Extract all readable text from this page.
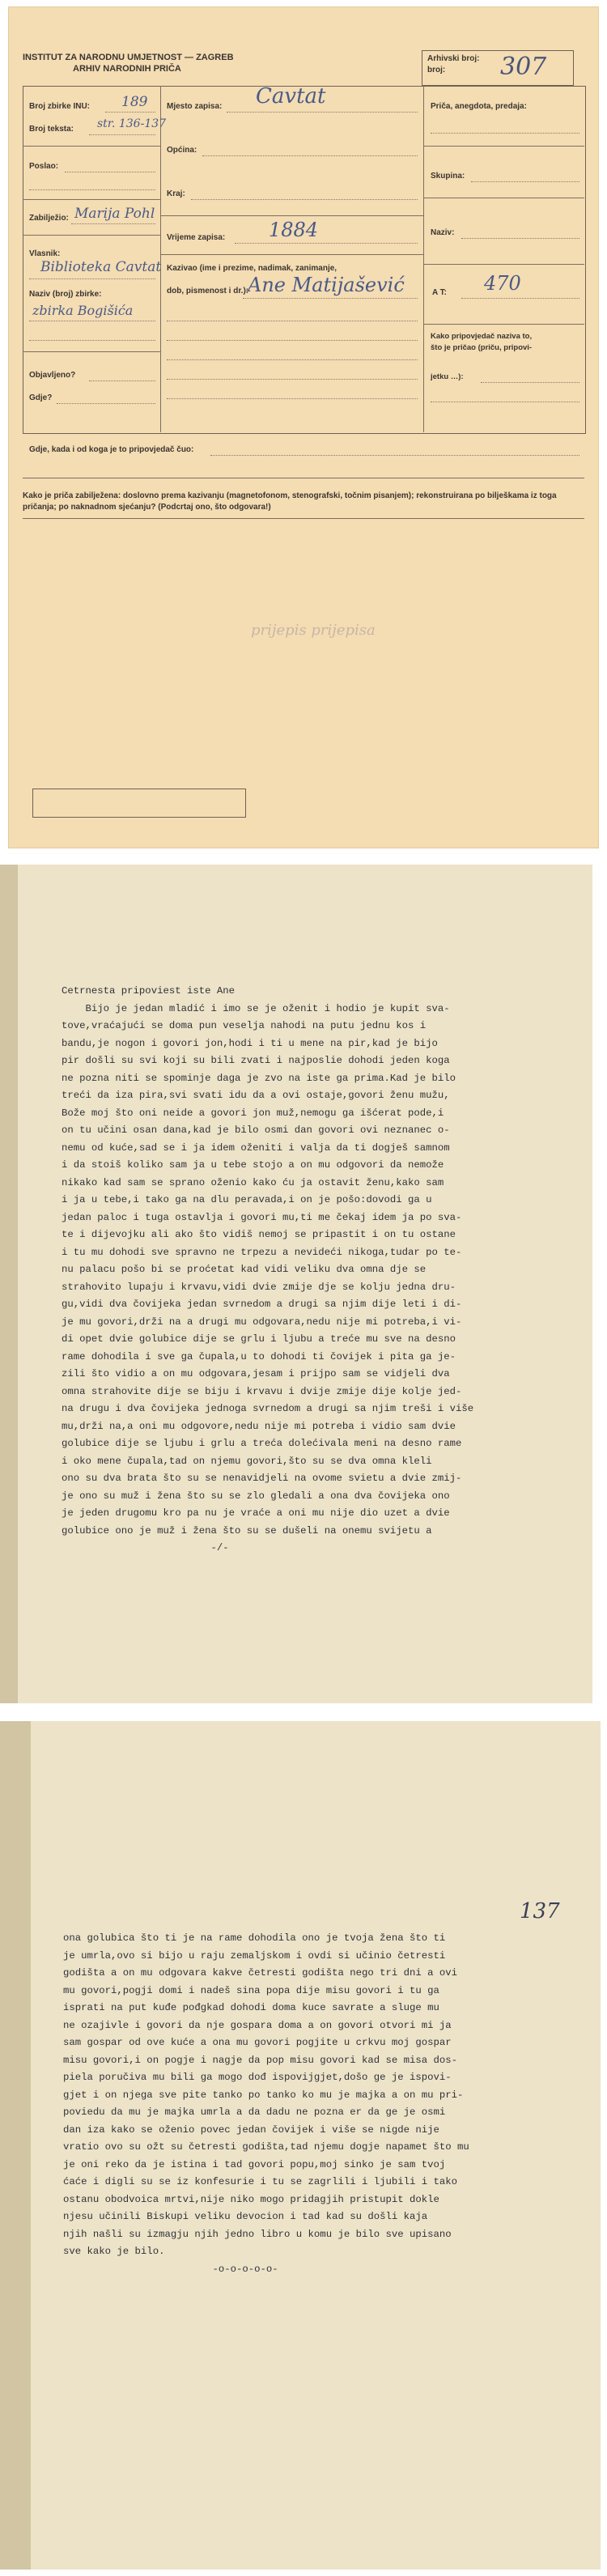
INSTITUT ZA NARODNU UMJETNOST — ZAGREB
ARHIV NARODNIH PRIČA
Arhivski broj:
broj: 307
Broj zbirke INU: 189
Broj teksta: str. 136-137
Poslao:
Zabilježio: Marija Pohl
Vlasnik:
Biblioteka Cavtat
Naziv (broj) zbirke:
zbirka Bogišića
Objavljeno?
Gdje?
Mjesto zapisa: Cavtat
Općina:
Kraj:
Vrijeme zapisa: 1884
Kazivao (ime i prezime, nadimak, zanimanje,
dob, pismenost i dr.):
Ane Matijašević
Priča, anegdota, predaja:
Skupina:
Naziv:
A T: 470
Kako pripovjedač naziva to,
što je pričao (priču, pripovi-
jetku …):
Gdje, kada i od koga je to pripovjedač čuo:
Kako je priča zabilježena: doslovno prema kazivanju (magnetofonom, stenografski, točnim pisanjem); rekonstruirana po bilješkama iz toga pričanja; po naknadnom sjećanju? (Podcrtaj ono, što odgovara!)
prijepis prijepisa
Cetrnesta pripoviest iste Ane
Bijo je jedan mladić i imo se je oženit i hodio je kupit sva-
tove,vraćajući se doma pun veselja nahodi na putu jednu kos i
bandu,je nogon i govori jon,hodi i ti u mene na pir,kad je bijo
pir došli su svi koji su bili zvati i najposlie dohodi jeden koga
ne pozna niti se spominje daga je zvo na iste ga prima.Kad je bilo
treći da iza pira,svi svati idu da a ovi ostaje,govori ženu mužu,
Bože moj što oni neide a govori jon muž,nemogu ga išćerat pode,i
on tu učini osan dana,kad je bilo osmi dan govori ovi neznanec o-
nemu od kuće,sad se i ja idem oženiti i valja da ti dogješ samnom
i da stoiš koliko sam ja u tebe stojo a on mu odgovori da nemože
nikako kad sam se sprano oženio kako ću ja ostavit ženu,kako sam
i ja u tebe,i tako ga na dlu peravada,i on je pošo:dovodi ga u
jedan paloc i tuga ostavlja i govori mu,ti me čekaj idem ja po sva-
te i dijevojku ali ako što vidiš nemoj se pripastit i on tu ostane
i tu mu dohodi sve spravno ne trpezu a nevideći nikoga,tudar po te-
nu palacu pošo bi se proćetat kad vidi veliku dva omna dje se
strahovito lupaju i krvavu,vidi dvie zmije dje se kolju jedna dru-
gu,vidi dva čovijeka jedan svrnedom a drugi sa njim dije leti i di-
je mu govori,drži na a drugi mu odgovara,nedu nije mi potreba,i vi-
di opet dvie golubice dije se grlu i ljubu a treće mu sve na desno
rame dohodila i sve ga čupala,u to dohodi ti čovijek i pita ga je-
zili što vidio a on mu odgovara,jesam i prijpo sam se vidjeli dva
omna strahovite dije se biju i krvavu i dvije zmije dije kolje jed-
na drugu i dva čovijeka jednoga svrnedom a drugi sa njim treši i više
mu,drži na,a oni mu odgovore,nedu nije mi potreba i vidio sam dvie
golubice dije se ljubu i grlu a treća dolećivala meni na desno rame
i oko mene čupala,tad on njemu govori,što su se dva omna kleli
ono su dva brata što su se nenavidjeli na ovome svietu a dvie zmij-
je ono su muž i žena što su se zlo gledali a ona dva čovijeka ono
je jeden drugomu kro pa nu je vraće a oni mu nije dio uzet a dvie
golubice ono je muž i žena što su se dušeli na onemu svijetu a
-/-
137
ona golubica što ti je na rame dohodila ono je tvoja žena što ti
je umrla,ovo si bijo u raju zemaljskom i ovdi si učinio četresti
godišta a on mu odgovara kakve četresti godišta nego tri dni a ovi
mu govori,pogji domi i nadeš sina popa dije misu govori i tu ga
isprati na put kuđe pođgkad dohodi doma kuce savrate a sluge mu
ne ozajivle i govori da nje gospara doma a on govori otvori mi ja
sam gospar od ove kuće a ona mu govori pogjite u crkvu moj gospar
misu govori,i on pogje i nagje da pop misu govori kad se misa dos-
piela poručiva mu bili ga mogo dođ ispovijgjet,došo ge je ispovi-
gjet i on njega sve pite tanko po tanko ko mu je majka a on mu pri-
poviedu da mu je majka umrla a da dadu ne pozna er da ge je osmi
dan iza kako se oženio povec jedan čovijek i više se nigde nije
vratio ovo su ožt su četresti godišta,tad njemu dogje napamet što mu
je oni reko da je istina i tad govori popu,moj sinko je sam tvoj
ćaće i digli su se iz konfesurie i tu se zagrlili i ljubili i tako
ostanu obodvoica mrtvi,nije niko mogo pridagjih pristupit dokle
njesu učinili Biskupi veliku devocion i tad kad su došli kaja
njih našli su izmagju njih jedno libro u komu je bilo sve upisano
sve kako je bilo.
-o-o-o-o-o-
